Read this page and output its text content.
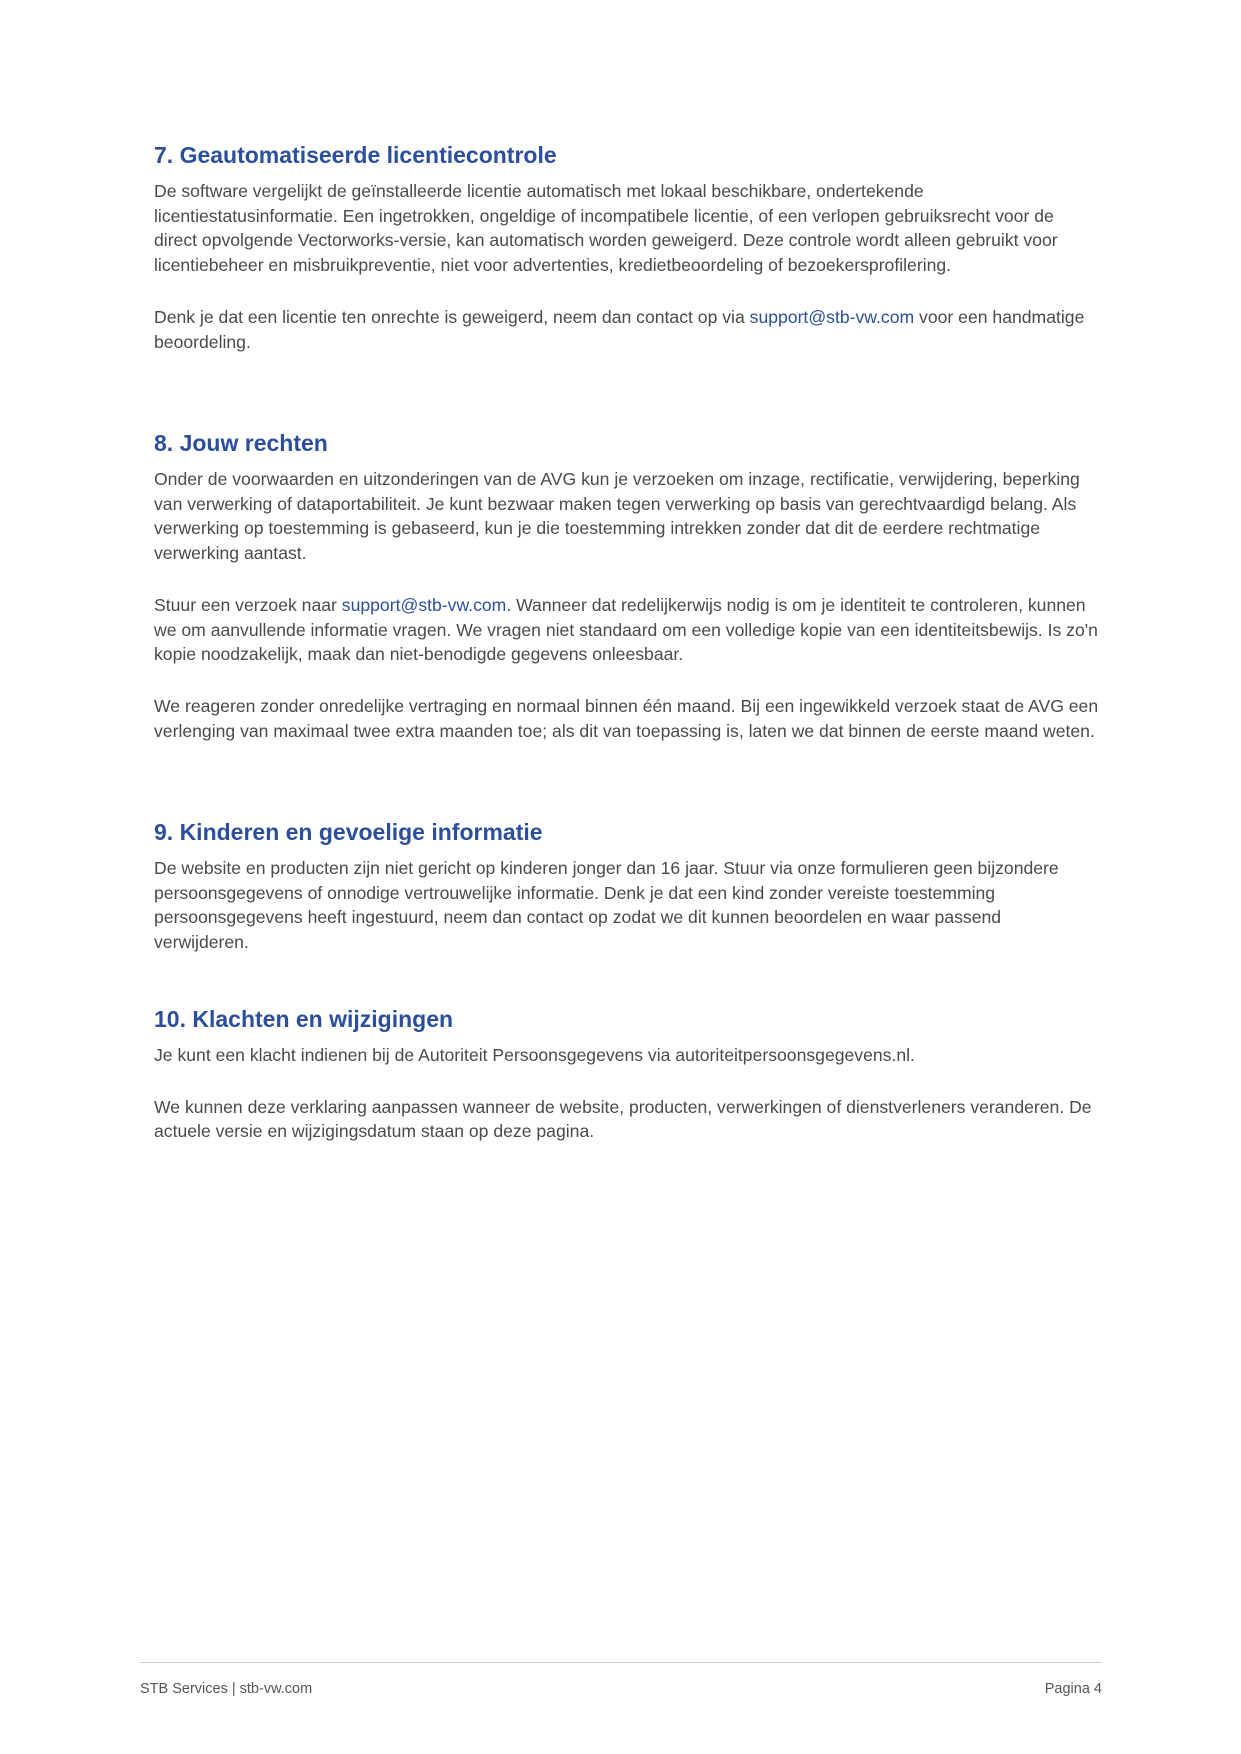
7. Geautomatiseerde licentiecontrole

De software vergelijkt de geïnstalleerde licentie automatisch met lokaal beschikbare, ondertekende licentiestatusinformatie. Een ingetrokken, ongeldige of incompatibele licentie, of een verlopen gebruiksrecht voor de direct opvolgende Vectorworks-versie, kan automatisch worden geweigerd. Deze controle wordt alleen gebruikt voor licentiebeheer en misbruikpreventie, niet voor advertenties, kredietbeoordeling of bezoekersprofilering.

Denk je dat een licentie ten onrechte is geweigerd, neem dan contact op via support@stb-vw.com voor een handmatige beoordeling.

8. Jouw rechten

Onder de voorwaarden en uitzonderingen van de AVG kun je verzoeken om inzage, rectificatie, verwijdering, beperking van verwerking of dataportabiliteit. Je kunt bezwaar maken tegen verwerking op basis van gerechtvaardigd belang. Als verwerking op toestemming is gebaseerd, kun je die toestemming intrekken zonder dat dit de eerdere rechtmatige verwerking aantast.

Stuur een verzoek naar support@stb-vw.com. Wanneer dat redelijkerwijs nodig is om je identiteit te controleren, kunnen we om aanvullende informatie vragen. We vragen niet standaard om een volledige kopie van een identiteitsbewijs. Is zo'n kopie noodzakelijk, maak dan niet-benodigde gegevens onleesbaar.

We reageren zonder onredelijke vertraging en normaal binnen één maand. Bij een ingewikkeld verzoek staat de AVG een verlenging van maximaal twee extra maanden toe; als dit van toepassing is, laten we dat binnen de eerste maand weten.

9. Kinderen en gevoelige informatie

De website en producten zijn niet gericht op kinderen jonger dan 16 jaar. Stuur via onze formulieren geen bijzondere persoonsgegevens of onnodige vertrouwelijke informatie. Denk je dat een kind zonder vereiste toestemming persoonsgegevens heeft ingestuurd, neem dan contact op zodat we dit kunnen beoordelen en waar passend verwijderen.

10. Klachten en wijzigingen

Je kunt een klacht indienen bij de Autoriteit Persoonsgegevens via autoriteitpersoonsgegevens.nl.

We kunnen deze verklaring aanpassen wanneer de website, producten, verwerkingen of dienstverleners veranderen. De actuele versie en wijzigingsdatum staan op deze pagina.

STB Services | stb-vw.com	Pagina 4
